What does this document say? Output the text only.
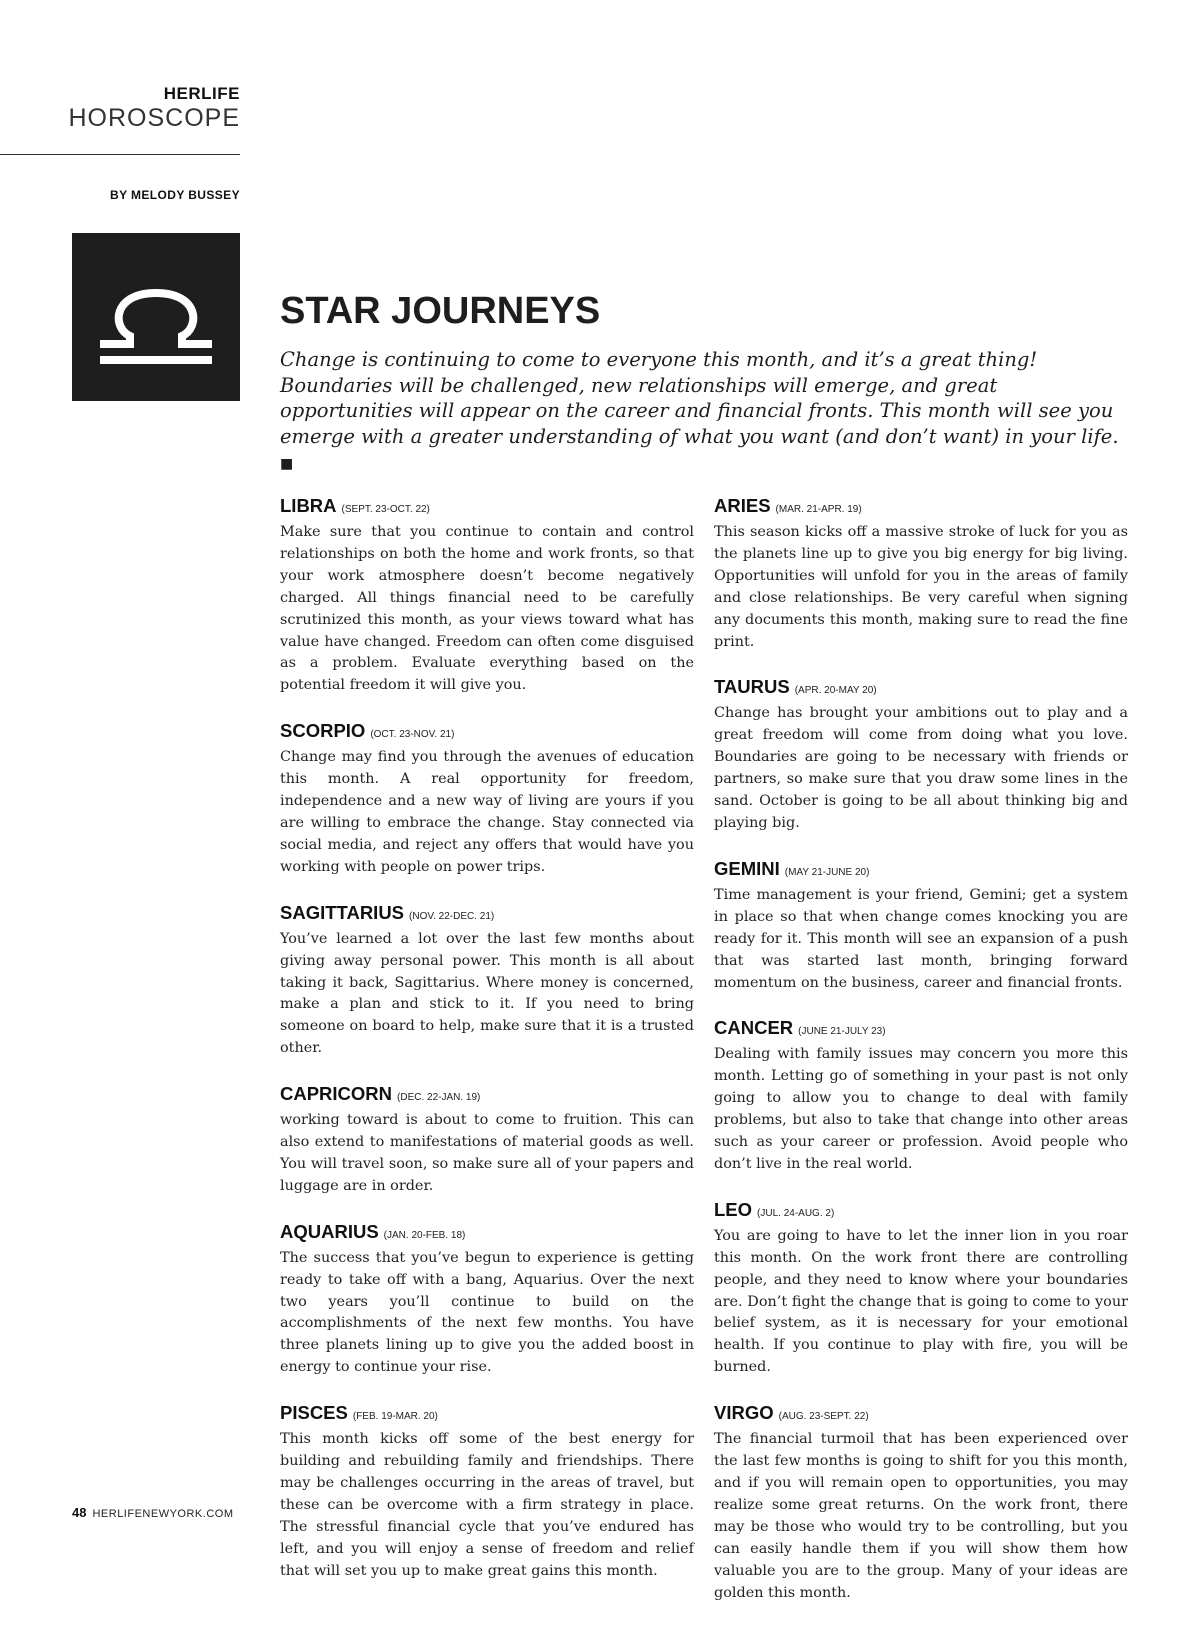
HERLIFE

HOROSCOPE

BY MELODY BUSSEY

STAR JOURNEYS

Change is continuing to come to everyone this month, and it’s a great thing! Boundaries will be challenged, new relationships will emerge, and great opportunities will appear on the career and financial fronts. This month will see you emerge with a greater understanding of what you want (and don’t want) in your life. ■

LIBRA (SEPT. 23-OCT. 22)

Make sure that you continue to contain and control relationships on both the home and work fronts, so that your work atmosphere doesn’t become negatively charged. All things financial need to be carefully scrutinized this month, as your views toward what has value have changed. Freedom can often come disguised as a problem. Evaluate everything based on the potential freedom it will give you.

SCORPIO (OCT. 23-NOV. 21)

Change may find you through the avenues of education this month. A real opportunity for freedom, independence and a new way of living are yours if you are willing to embrace the change. Stay connected via social media, and reject any offers that would have you working with people on power trips.

SAGITTARIUS (NOV. 22-DEC. 21)

You’ve learned a lot over the last few months about giving away personal power. This month is all about taking it back, Sagittarius. Where money is concerned, make a plan and stick to it. If you need to bring someone on board to help, make sure that it is a trusted other.

CAPRICORN (DEC. 22-JAN. 19)

working toward is about to come to fruition. This can also extend to manifestations of material goods as well. You will travel soon, so make sure all of your papers and luggage are in order.

AQUARIUS (JAN. 20-FEB. 18)

The success that you’ve begun to experience is getting ready to take off with a bang, Aquarius. Over the next two years you’ll continue to build on the accomplishments of the next few months. You have three planets lining up to give you the added boost in energy to continue your rise.

PISCES (FEB. 19-MAR. 20)

This month kicks off some of the best energy for building and rebuilding family and friendships. There may be challenges occurring in the areas of travel, but these can be overcome with a firm strategy in place. The stressful financial cycle that you’ve endured has left, and you will enjoy a sense of freedom and relief that will set you up to make great gains this month.

ARIES (MAR. 21-APR. 19)

This season kicks off a massive stroke of luck for you as the planets line up to give you big energy for big living. Opportunities will unfold for you in the areas of family and close relationships. Be very careful when signing any documents this month, making sure to read the fine print.

TAURUS (APR. 20-MAY 20)

Change has brought your ambitions out to play and a great freedom will come from doing what you love. Boundaries are going to be necessary with friends or partners, so make sure that you draw some lines in the sand. October is going to be all about thinking big and playing big.

GEMINI (MAY 21-JUNE 20)

Time management is your friend, Gemini; get a system in place so that when change comes knocking you are ready for it. This month will see an expansion of a push that was started last month, bringing forward momentum on the business, career and financial fronts.

CANCER (JUNE 21-JULY 23)

Dealing with family issues may concern you more this month. Letting go of something in your past is not only going to allow you to change to deal with family problems, but also to take that change into other areas such as your career or profession. Avoid people who don’t live in the real world.

LEO (JUL. 24-AUG. 2)

You are going to have to let the inner lion in you roar this month. On the work front there are controlling people, and they need to know where your boundaries are. Don’t fight the change that is going to come to your belief system, as it is necessary for your emotional health. If you continue to play with fire, you will be burned.

VIRGO (AUG. 23-SEPT. 22)

The financial turmoil that has been experienced over the last few months is going to shift for you this month, and if you will remain open to opportunities, you may realize some great returns. On the work front, there may be those who would try to be controlling, but you can easily handle them if you will show them how valuable you are to the group. Many of your ideas are golden this month.

48 HERLIFENEWYORK.COM
